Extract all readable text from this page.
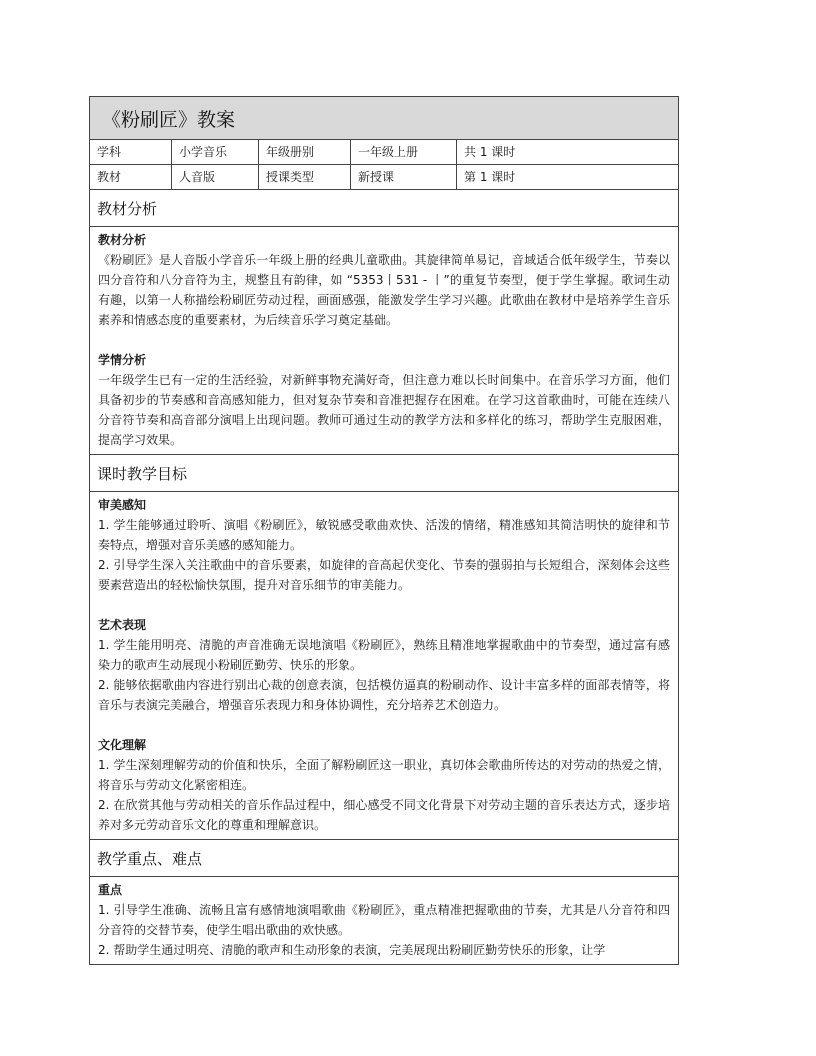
《粉刷匠》教案
学科	小学音乐	年级册别	一年级上册	共 1 课时
教材	人音版	授课类型	新授课	第 1 课时
教材分析
教材分析

《粉刷匠》是人音版小学音乐一年级上册的经典儿童歌曲。其旋律简单易记，音域适合低年级学生，节奏以四分音符和八分音符为主，规整且有韵律，如 “5353丨531 - 丨”的重复节奏型，便于学生掌握。歌词生动有趣，以第一人称描绘粉刷匠劳动过程，画面感强，能激发学生学习兴趣。此歌曲在教材中是培养学生音乐素养和情感态度的重要素材，为后续音乐学习奠定基础。

学情分析

一年级学生已有一定的生活经验，对新鲜事物充满好奇，但注意力难以长时间集中。在音乐学习方面，他们具备初步的节奏感和音高感知能力，但对复杂节奏和音准把握存在困难。在学习这首歌曲时，可能在连续八分音符节奏和高音部分演唱上出现问题。教师可通过生动的教学方法和多样化的练习，帮助学生克服困难，提高学习效果。

课时教学目标
审美感知

1. 学生能够通过聆听、演唱《粉刷匠》，敏锐感受歌曲欢快、活泼的情绪，精准感知其简洁明快的旋律和节奏特点，增强对音乐美感的感知能力。

2. 引导学生深入关注歌曲中的音乐要素，如旋律的音高起伏变化、节奏的强弱拍与长短组合，深刻体会这些要素营造出的轻松愉快氛围，提升对音乐细节的审美能力。

艺术表现

1. 学生能用明亮、清脆的声音准确无误地演唱《粉刷匠》，熟练且精准地掌握歌曲中的节奏型，通过富有感染力的歌声生动展现小粉刷匠勤劳、快乐的形象。

2. 能够依据歌曲内容进行别出心裁的创意表演，包括模仿逼真的粉刷动作、设计丰富多样的面部表情等，将音乐与表演完美融合，增强音乐表现力和身体协调性，充分培养艺术创造力。

文化理解

1. 学生深刻理解劳动的价值和快乐，全面了解粉刷匠这一职业，真切体会歌曲所传达的对劳动的热爱之情，将音乐与劳动文化紧密相连。

2. 在欣赏其他与劳动相关的音乐作品过程中，细心感受不同文化背景下对劳动主题的音乐表达方式，逐步培养对多元劳动音乐文化的尊重和理解意识。

教学重点、难点
重点

1. 引导学生准确、流畅且富有感情地演唱歌曲《粉刷匠》，重点精准把握歌曲的节奏，尤其是八分音符和四分音符的交替节奏，使学生唱出歌曲的欢快感。

2. 帮助学生通过明亮、清脆的歌声和生动形象的表演，完美展现出粉刷匠勤劳快乐的形象，让学
